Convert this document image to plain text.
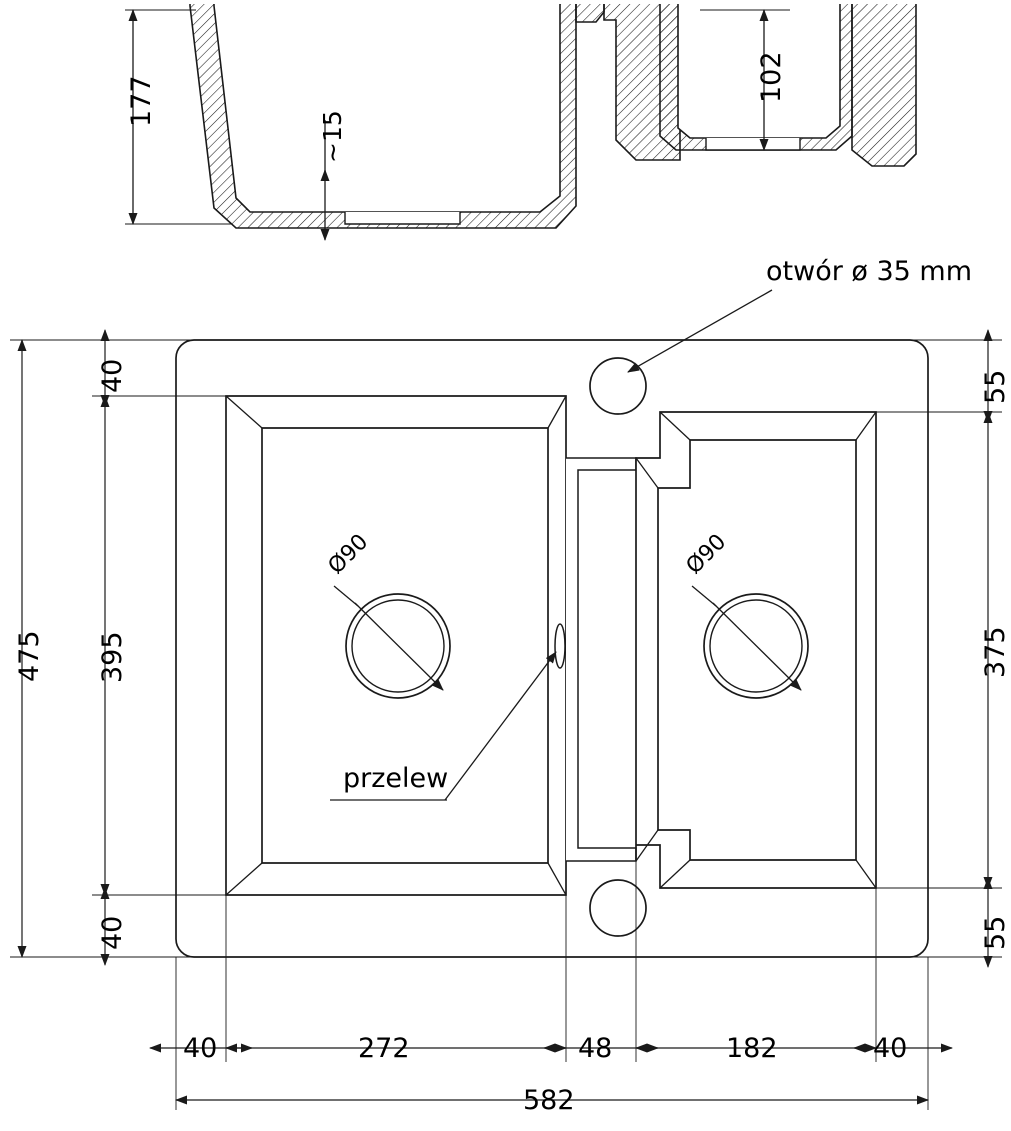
177	102
~15
otwór ø 35 mm
przelew
Ø90	Ø90
40
395
40
475
55
375
55
40	272	48	182	40
582
